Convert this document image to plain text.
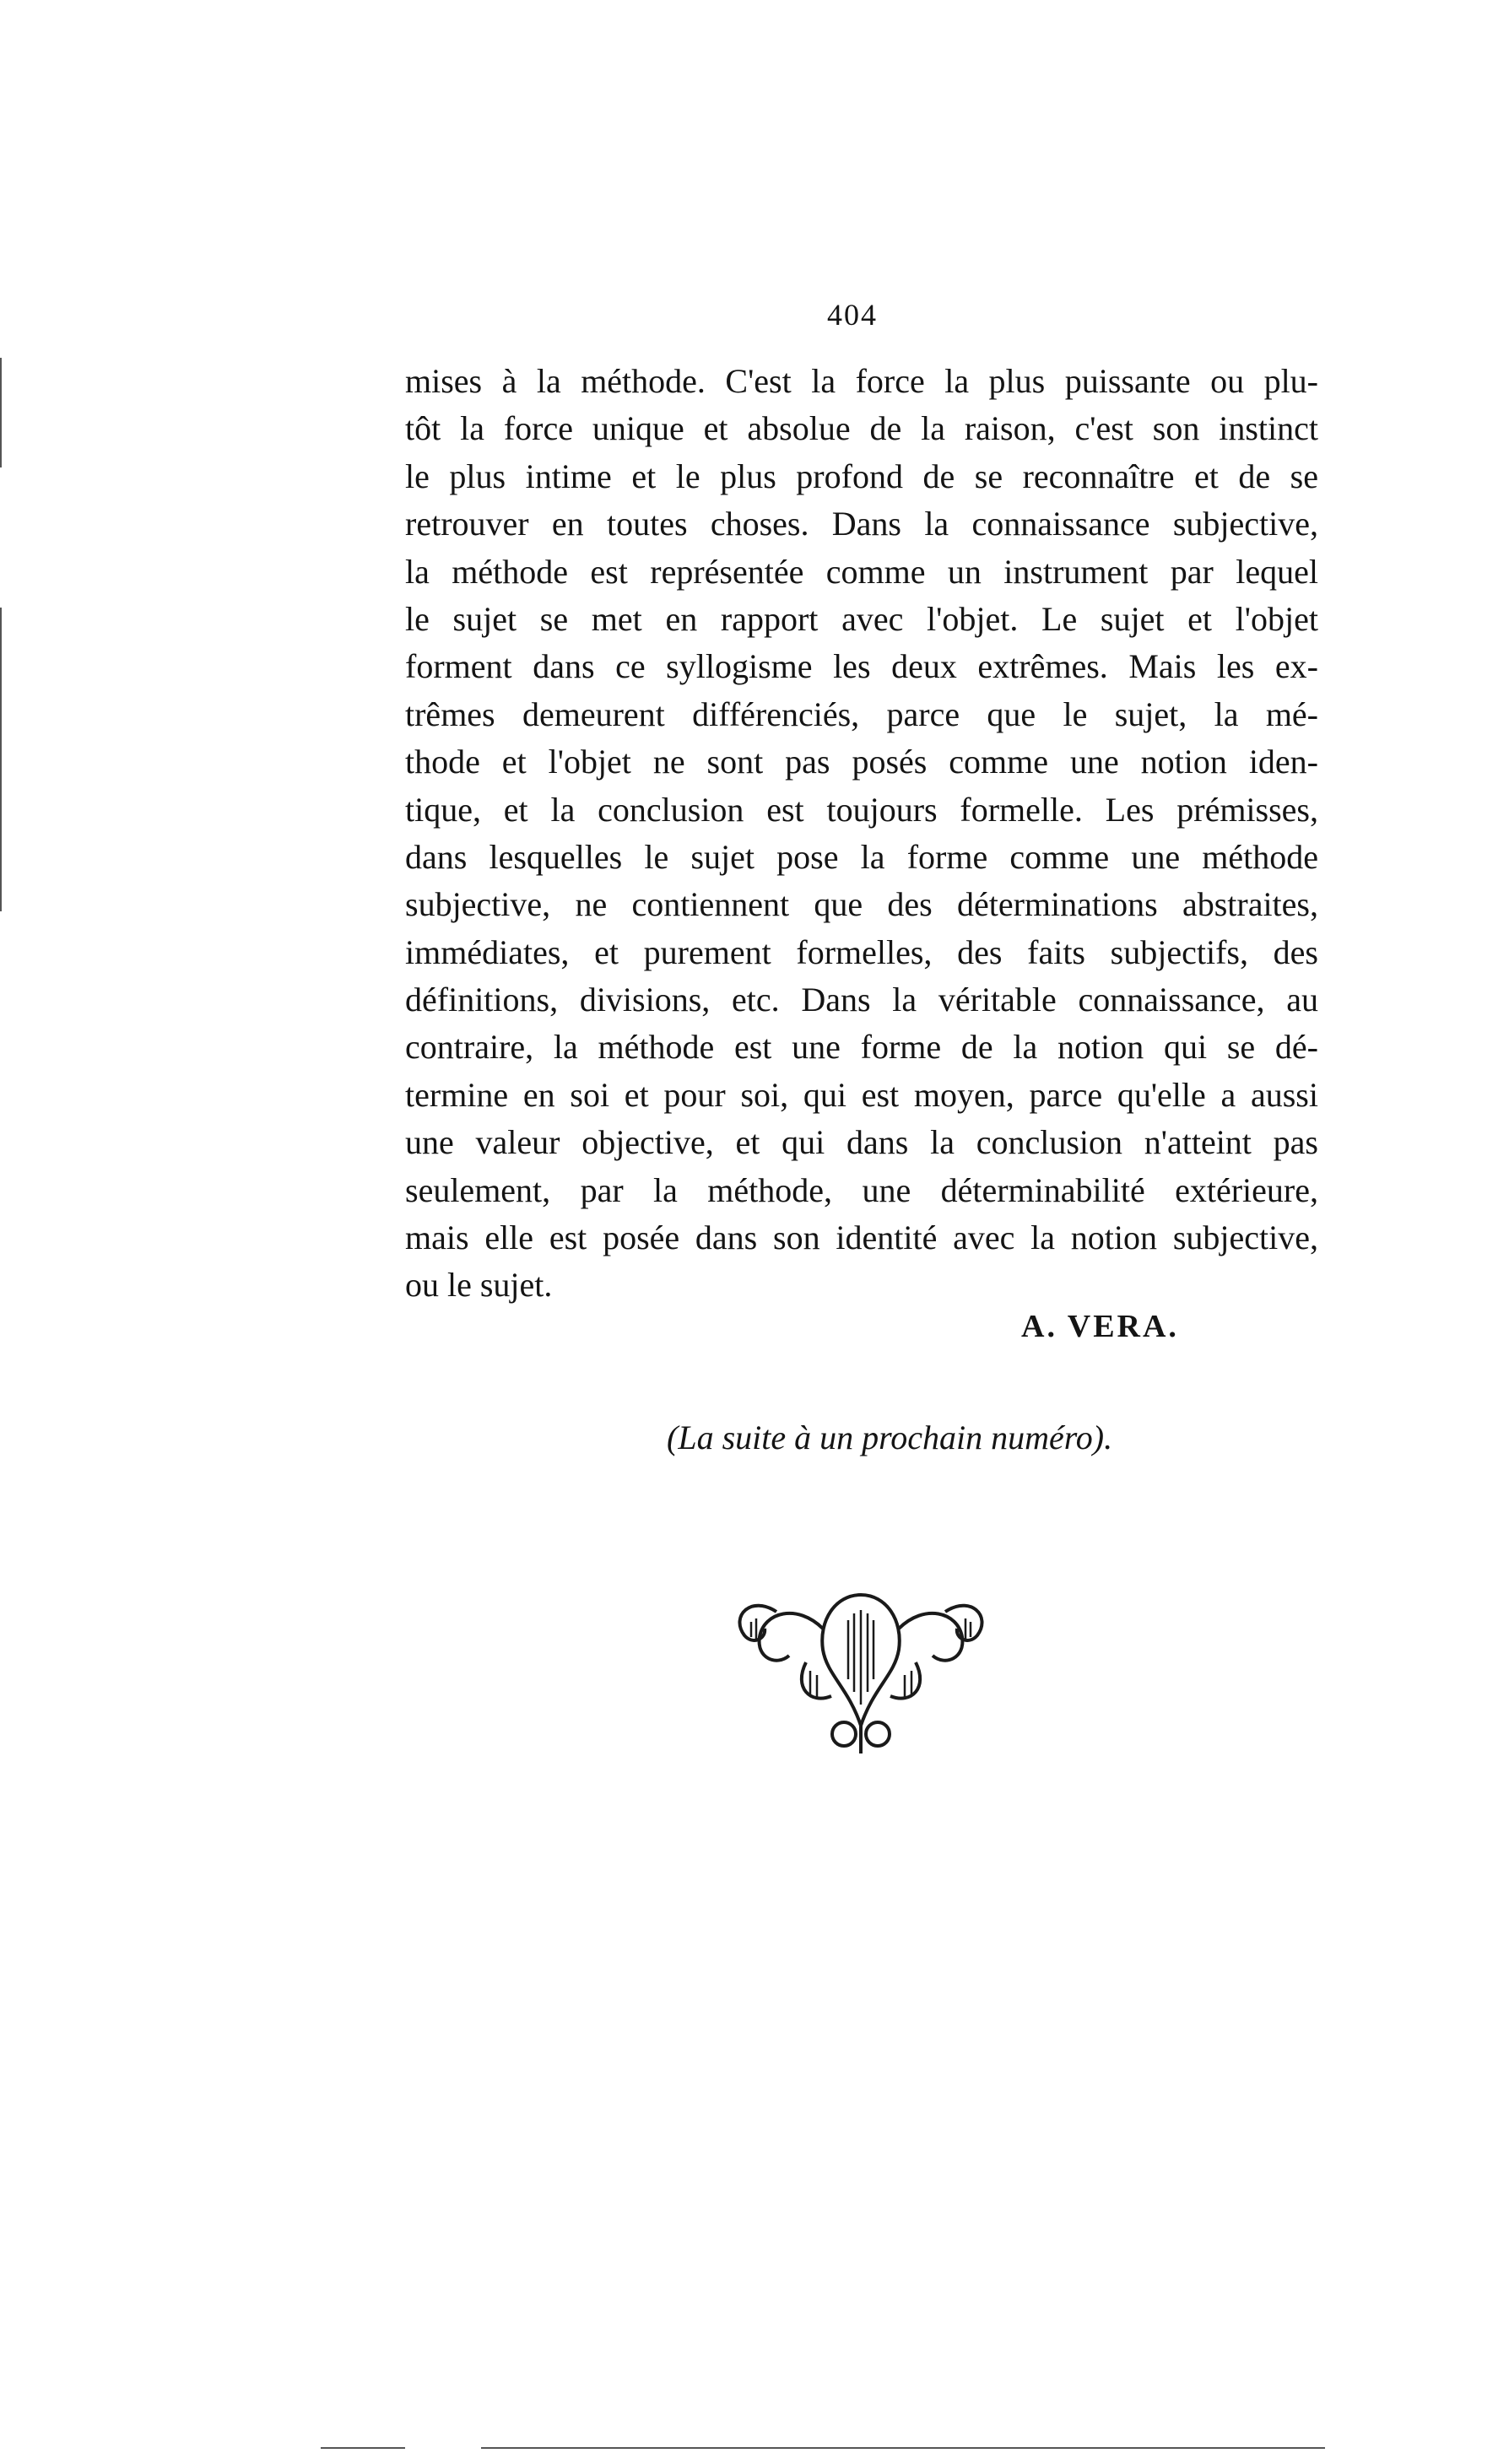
404
mises à la méthode. C'est la force la plus puissante ou plu-
tôt la force unique et absolue de la raison, c'est son instinct
le plus intime et le plus profond de se reconnaître et de se
retrouver en toutes choses. Dans la connaissance subjective,
la méthode est représentée comme un instrument par lequel
le sujet se met en rapport avec l'objet. Le sujet et l'objet
forment dans ce syllogisme les deux extrêmes. Mais les ex-
trêmes demeurent différenciés, parce que le sujet, la mé-
thode et l'objet ne sont pas posés comme une notion iden-
tique, et la conclusion est toujours formelle. Les prémisses,
dans lesquelles le sujet pose la forme comme une méthode
subjective, ne contiennent que des déterminations abstraites,
immédiates, et purement formelles, des faits subjectifs, des
définitions, divisions, etc. Dans la véritable connaissance, au
contraire, la méthode est une forme de la notion qui se dé-
termine en soi et pour soi, qui est moyen, parce qu'elle a aussi
une valeur objective, et qui dans la conclusion n'atteint pas
seulement, par la méthode, une déterminabilité extérieure,
mais elle est posée dans son identité avec la notion subjective,
ou le sujet.
A. VERA.
(La suite à un prochain numéro).
